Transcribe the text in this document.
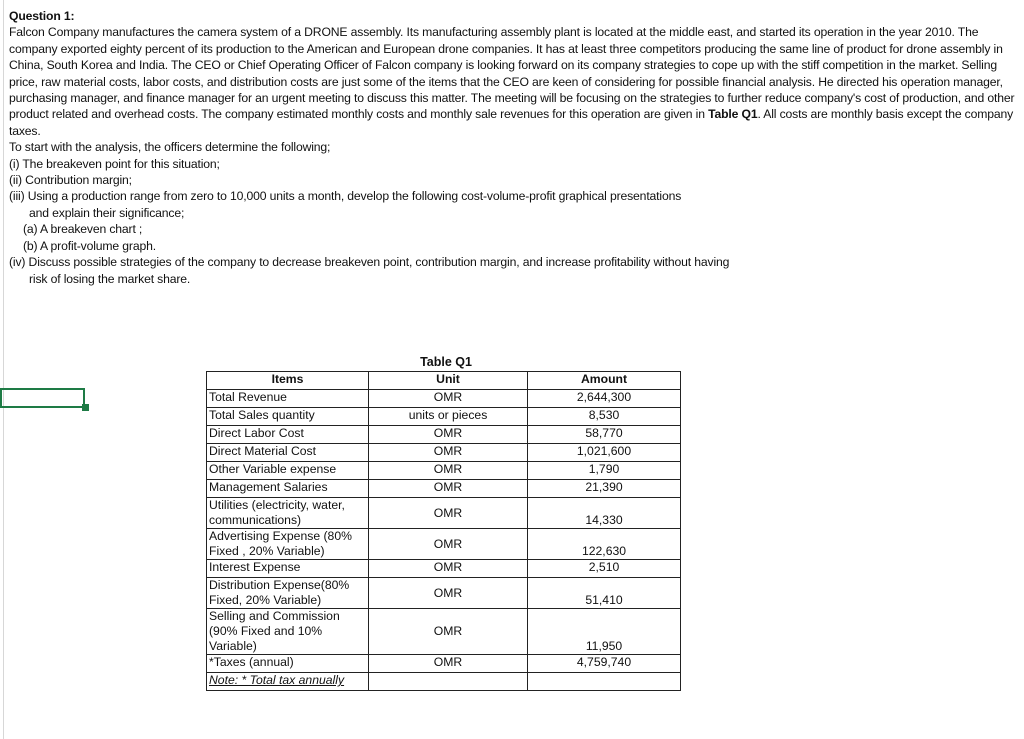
Question 1:
Falcon Company manufactures the camera system of a DRONE assembly. Its manufacturing assembly plant is located at the middle east, and started its operation in the year 2010. The company exported eighty percent of its production to the American and European drone companies. It has at least three competitors producing the same line of product for drone assembly in China, South Korea and India. The CEO or Chief Operating Officer of Falcon company is looking forward on its company strategies to cope up with the stiff competition in the market. Selling price, raw material costs, labor costs, and distribution costs are just some of the items that the CEO are keen of considering for possible financial analysis. He directed his operation manager, purchasing manager, and finance manager for an urgent meeting to discuss this matter. The meeting will be focusing on the strategies to further reduce company's cost of production, and other product related and overhead costs. The company estimated monthly costs and monthly sale revenues for this operation are given in Table Q1. All costs are monthly basis except the company taxes.
To start with the analysis, the officers determine the following;
(i) The breakeven point for this situation;
(ii) Contribution margin;
(iii) Using a production range from zero to 10,000 units a month, develop the following cost-volume-profit graphical presentations
and explain their significance;
(a) A breakeven chart ;
(b) A profit-volume graph.
(iv) Discuss possible strategies of the company to decrease breakeven point, contribution margin, and increase profitability without having
risk of losing the market share.
Table Q1
Items	Unit	Amount
Total Revenue	OMR	2,644,300
Total Sales quantity	units or pieces	8,530
Direct Labor Cost	OMR	58,770
Direct Material Cost	OMR	1,021,600
Other Variable expense	OMR	1,790
Management Salaries	OMR	21,390
Utilities (electricity, water, communications)	OMR	14,330
Advertising Expense (80% Fixed , 20% Variable)	OMR	122,630
Interest Expense	OMR	2,510
Distribution Expense(80% Fixed, 20% Variable)	OMR	51,410
Selling and Commission (90% Fixed and 10% Variable)	OMR	11,950
*Taxes (annual)	OMR	4,759,740
Note: * Total tax annually		
